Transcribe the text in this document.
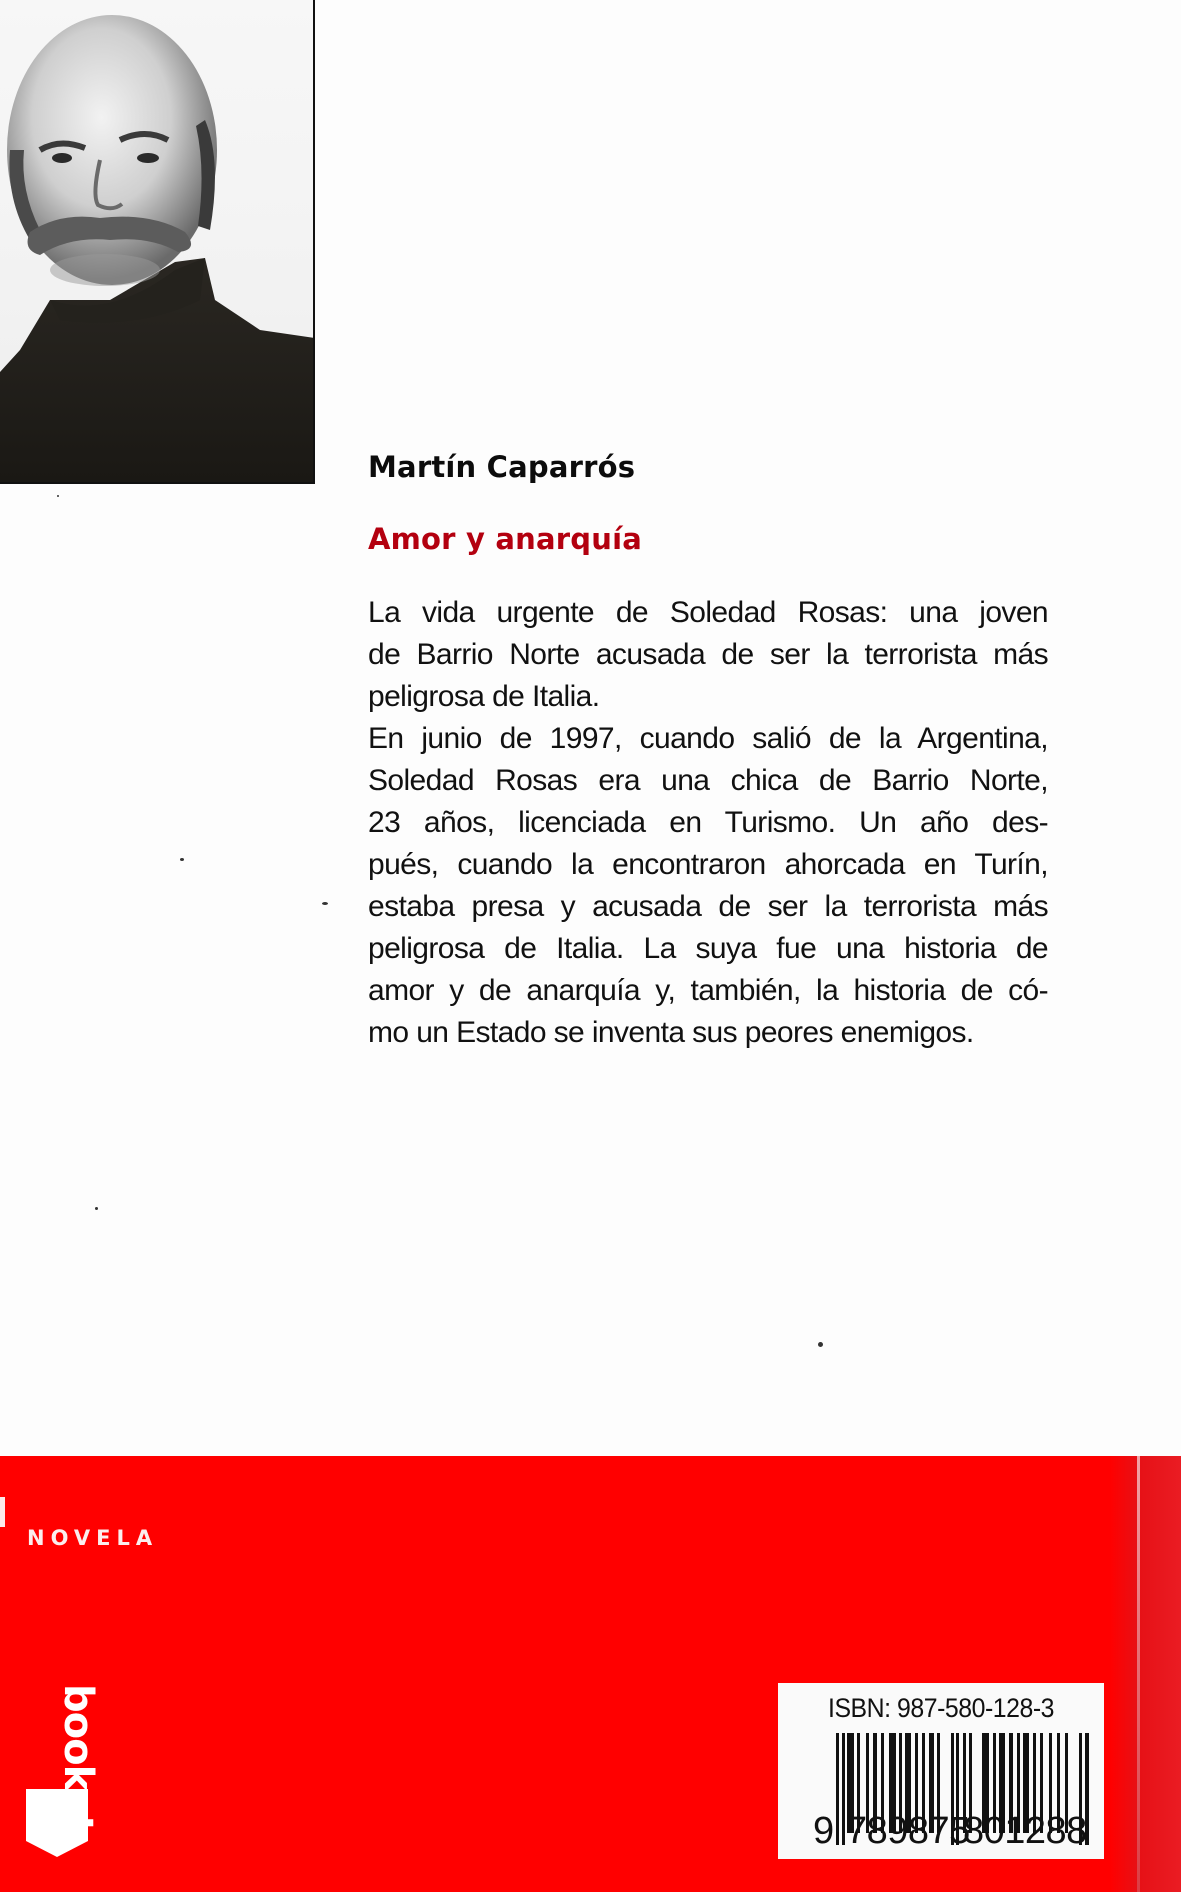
Martín Caparrós
Amor y anarquía
La vida urgente de Soledad Rosas: una joven
de Barrio Norte acusada de ser la terrorista más
peligrosa de Italia.
En junio de 1997, cuando salió de la Argentina,
Soledad Rosas era una chica de Barrio Norte,
23 años, licenciada en Turismo. Un año des-
pués, cuando la encontraron ahorcada en Turín,
estaba presa y acusada de ser la terrorista más
peligrosa de Italia. La suya fue una historia de
amor y de anarquía y, también, la historia de có-
mo un Estado se inventa sus peores enemigos.
NOVELA
booket	ISBN: 987-580-128-3
9 789875
801288
